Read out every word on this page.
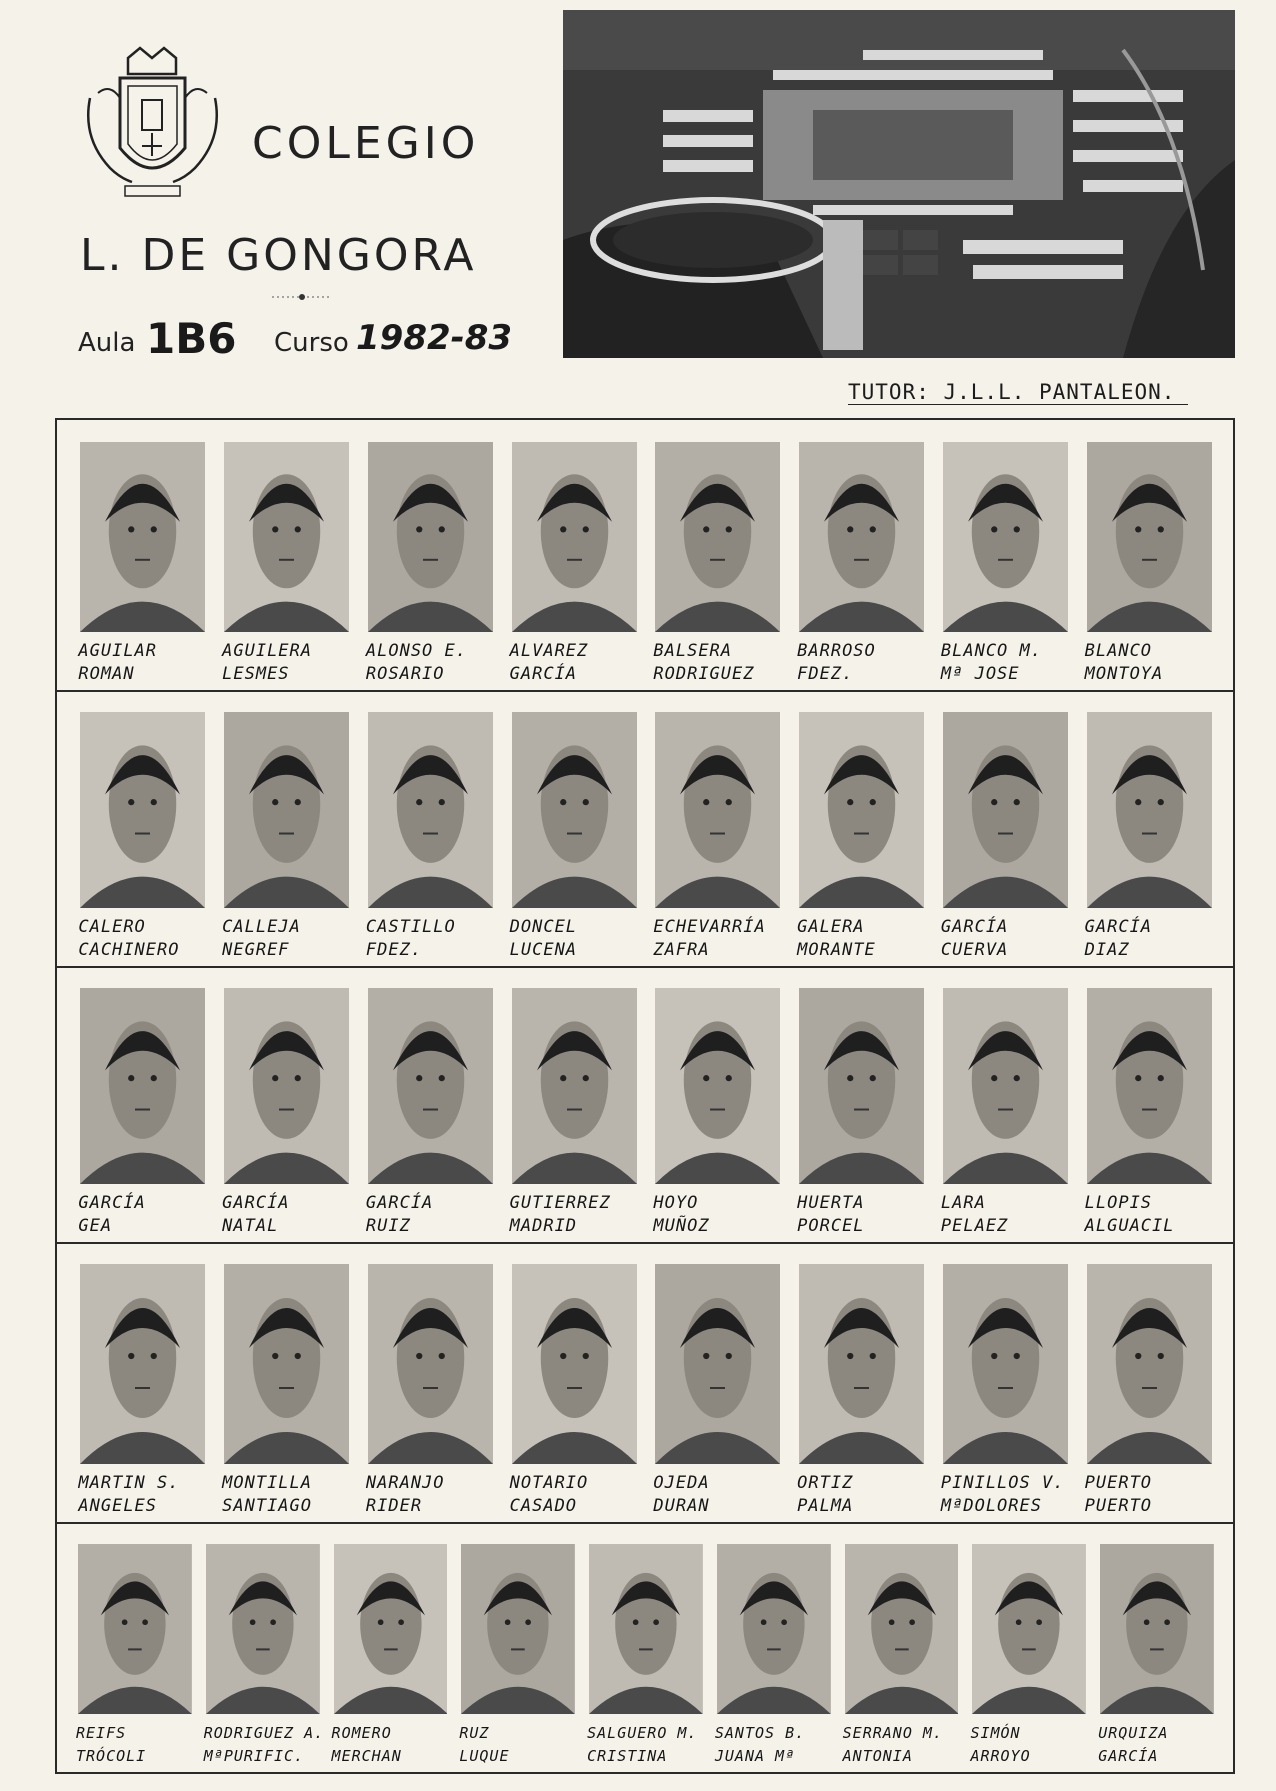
COLEGIO
L. DE GONGORA
Aula 1B6 Curso 1982-83
TUTOR: J.L.L. PANTALEON.
AGUILAR
ROMAN
AGUILERA
LESMES
ALONSO E.
ROSARIO
ALVAREZ
GARCÍA
BALSERA
RODRIGUEZ
BARROSO
FDEZ.
BLANCO M.
Mª JOSE
BLANCO
MONTOYA
CALERO
CACHINERO
CALLEJA
NEGREF
CASTILLO
FDEZ.
DONCEL
LUCENA
ECHEVARRÍA
ZAFRA
GALERA
MORANTE
GARCÍA
CUERVA
GARCÍA
DIAZ
GARCÍA
GEA
GARCÍA
NATAL
GARCÍA
RUIZ
GUTIERREZ
MADRID
HOYO
MUÑOZ
HUERTA
PORCEL
LARA
PELAEZ
LLOPIS
ALGUACIL
MARTIN S.
ANGELES
MONTILLA
SANTIAGO
NARANJO
RIDER
NOTARIO
CASADO
OJEDA
DURAN
ORTIZ
PALMA
PINILLOS V.
MªDOLORES
PUERTO
PUERTO
REIFS
TRÓCOLI
RODRIGUEZ A.
MªPURIFIC.
ROMERO
MERCHAN
RUZ
LUQUE
SALGUERO M.
CRISTINA
SANTOS B.
JUANA Mª
SERRANO M.
ANTONIA
SIMÓN
ARROYO
URQUIZA
GARCÍA
